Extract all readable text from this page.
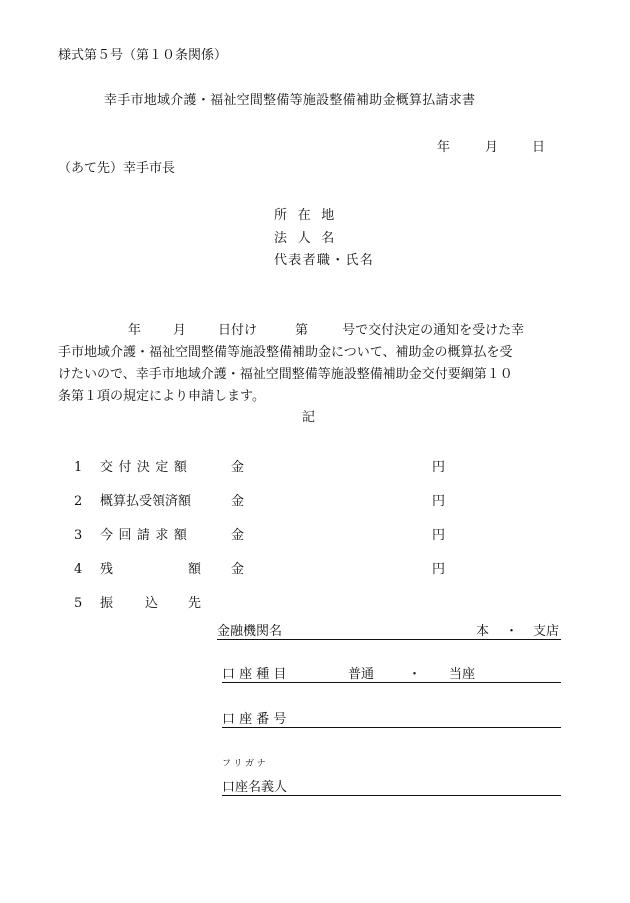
様式第５号（第１０条関係）
幸手市地域介護・福祉空間整備等施設整備補助金概算払請求書
年	月	日
（あて先）幸手市長
所 在 地
法 人 名
代表者職・氏名
年 月 日付け	第	号で交付決定の通知を受けた幸
手市地域介護・福祉空間整備等施設整備補助金について、補助金の概算払を受
けたいので、幸手市地域介護・福祉空間整備等施設整備補助金交付要綱第１０
条第１項の規定により申請します。
記
1 交付決定額	金	円
2 概算払受領済額	金	円
3 今回請求額	金	円
4 残	額 金	円
5 振 込 先
金融機関名	本 ・ 支店
口 座 種 目	普通	・ 当座
口 座 番 号
フリガナ
口座名義人
